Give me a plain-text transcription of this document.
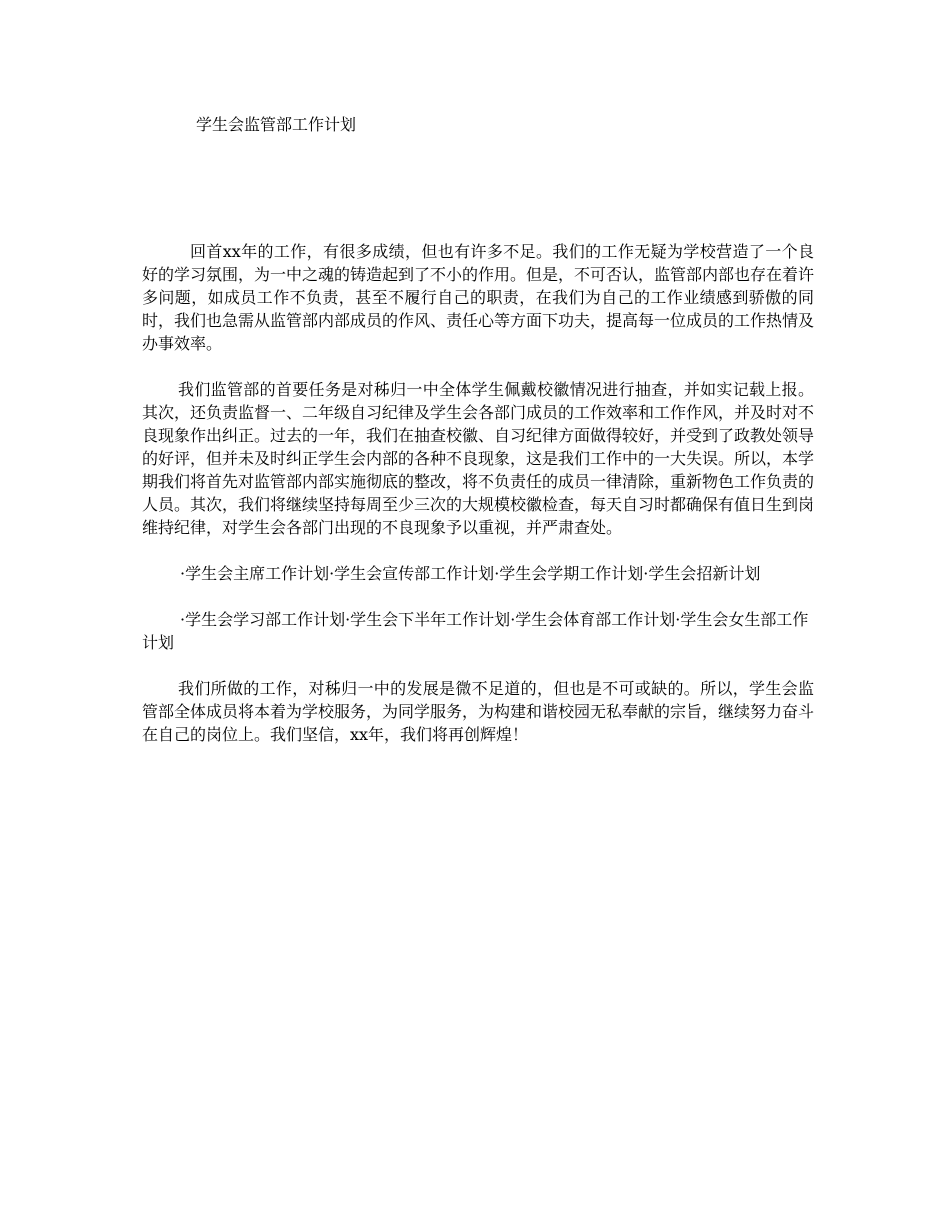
学生会监管部工作计划

回首xx年的工作，有很多成绩，但也有许多不足。我们的工作无疑为学校营造了一个良好的学习氛围，为一中之魂的铸造起到了不小的作用。但是，不可否认，监管部内部也存在着许多问题，如成员工作不负责，甚至不履行自己的职责，在我们为自己的工作业绩感到骄傲的同时，我们也急需从监管部内部成员的作风、责任心等方面下功夫，提高每一位成员的工作热情及办事效率。

我们监管部的首要任务是对秭归一中全体学生佩戴校徽情况进行抽查，并如实记载上报。其次，还负责监督一、二年级自习纪律及学生会各部门成员的工作效率和工作作风，并及时对不良现象作出纠正。过去的一年，我们在抽查校徽、自习纪律方面做得较好，并受到了政教处领导的好评，但并未及时纠正学生会内部的各种不良现象，这是我们工作中的一大失误。所以，本学期我们将首先对监管部内部实施彻底的整改，将不负责任的成员一律清除，重新物色工作负责的人员。其次，我们将继续坚持每周至少三次的大规模校徽检查，每天自习时都确保有值日生到岗维持纪律，对学生会各部门出现的不良现象予以重视，并严肃查处。

·学生会主席工作计划·学生会宣传部工作计划·学生会学期工作计划·学生会招新计划

·学生会学习部工作计划·学生会下半年工作计划·学生会体育部工作计划·学生会女生部工作计划

我们所做的工作，对秭归一中的发展是微不足道的，但也是不可或缺的。所以，学生会监管部全体成员将本着为学校服务，为同学服务，为构建和谐校园无私奉献的宗旨，继续努力奋斗在自己的岗位上。我们坚信，xx年，我们将再创辉煌！
